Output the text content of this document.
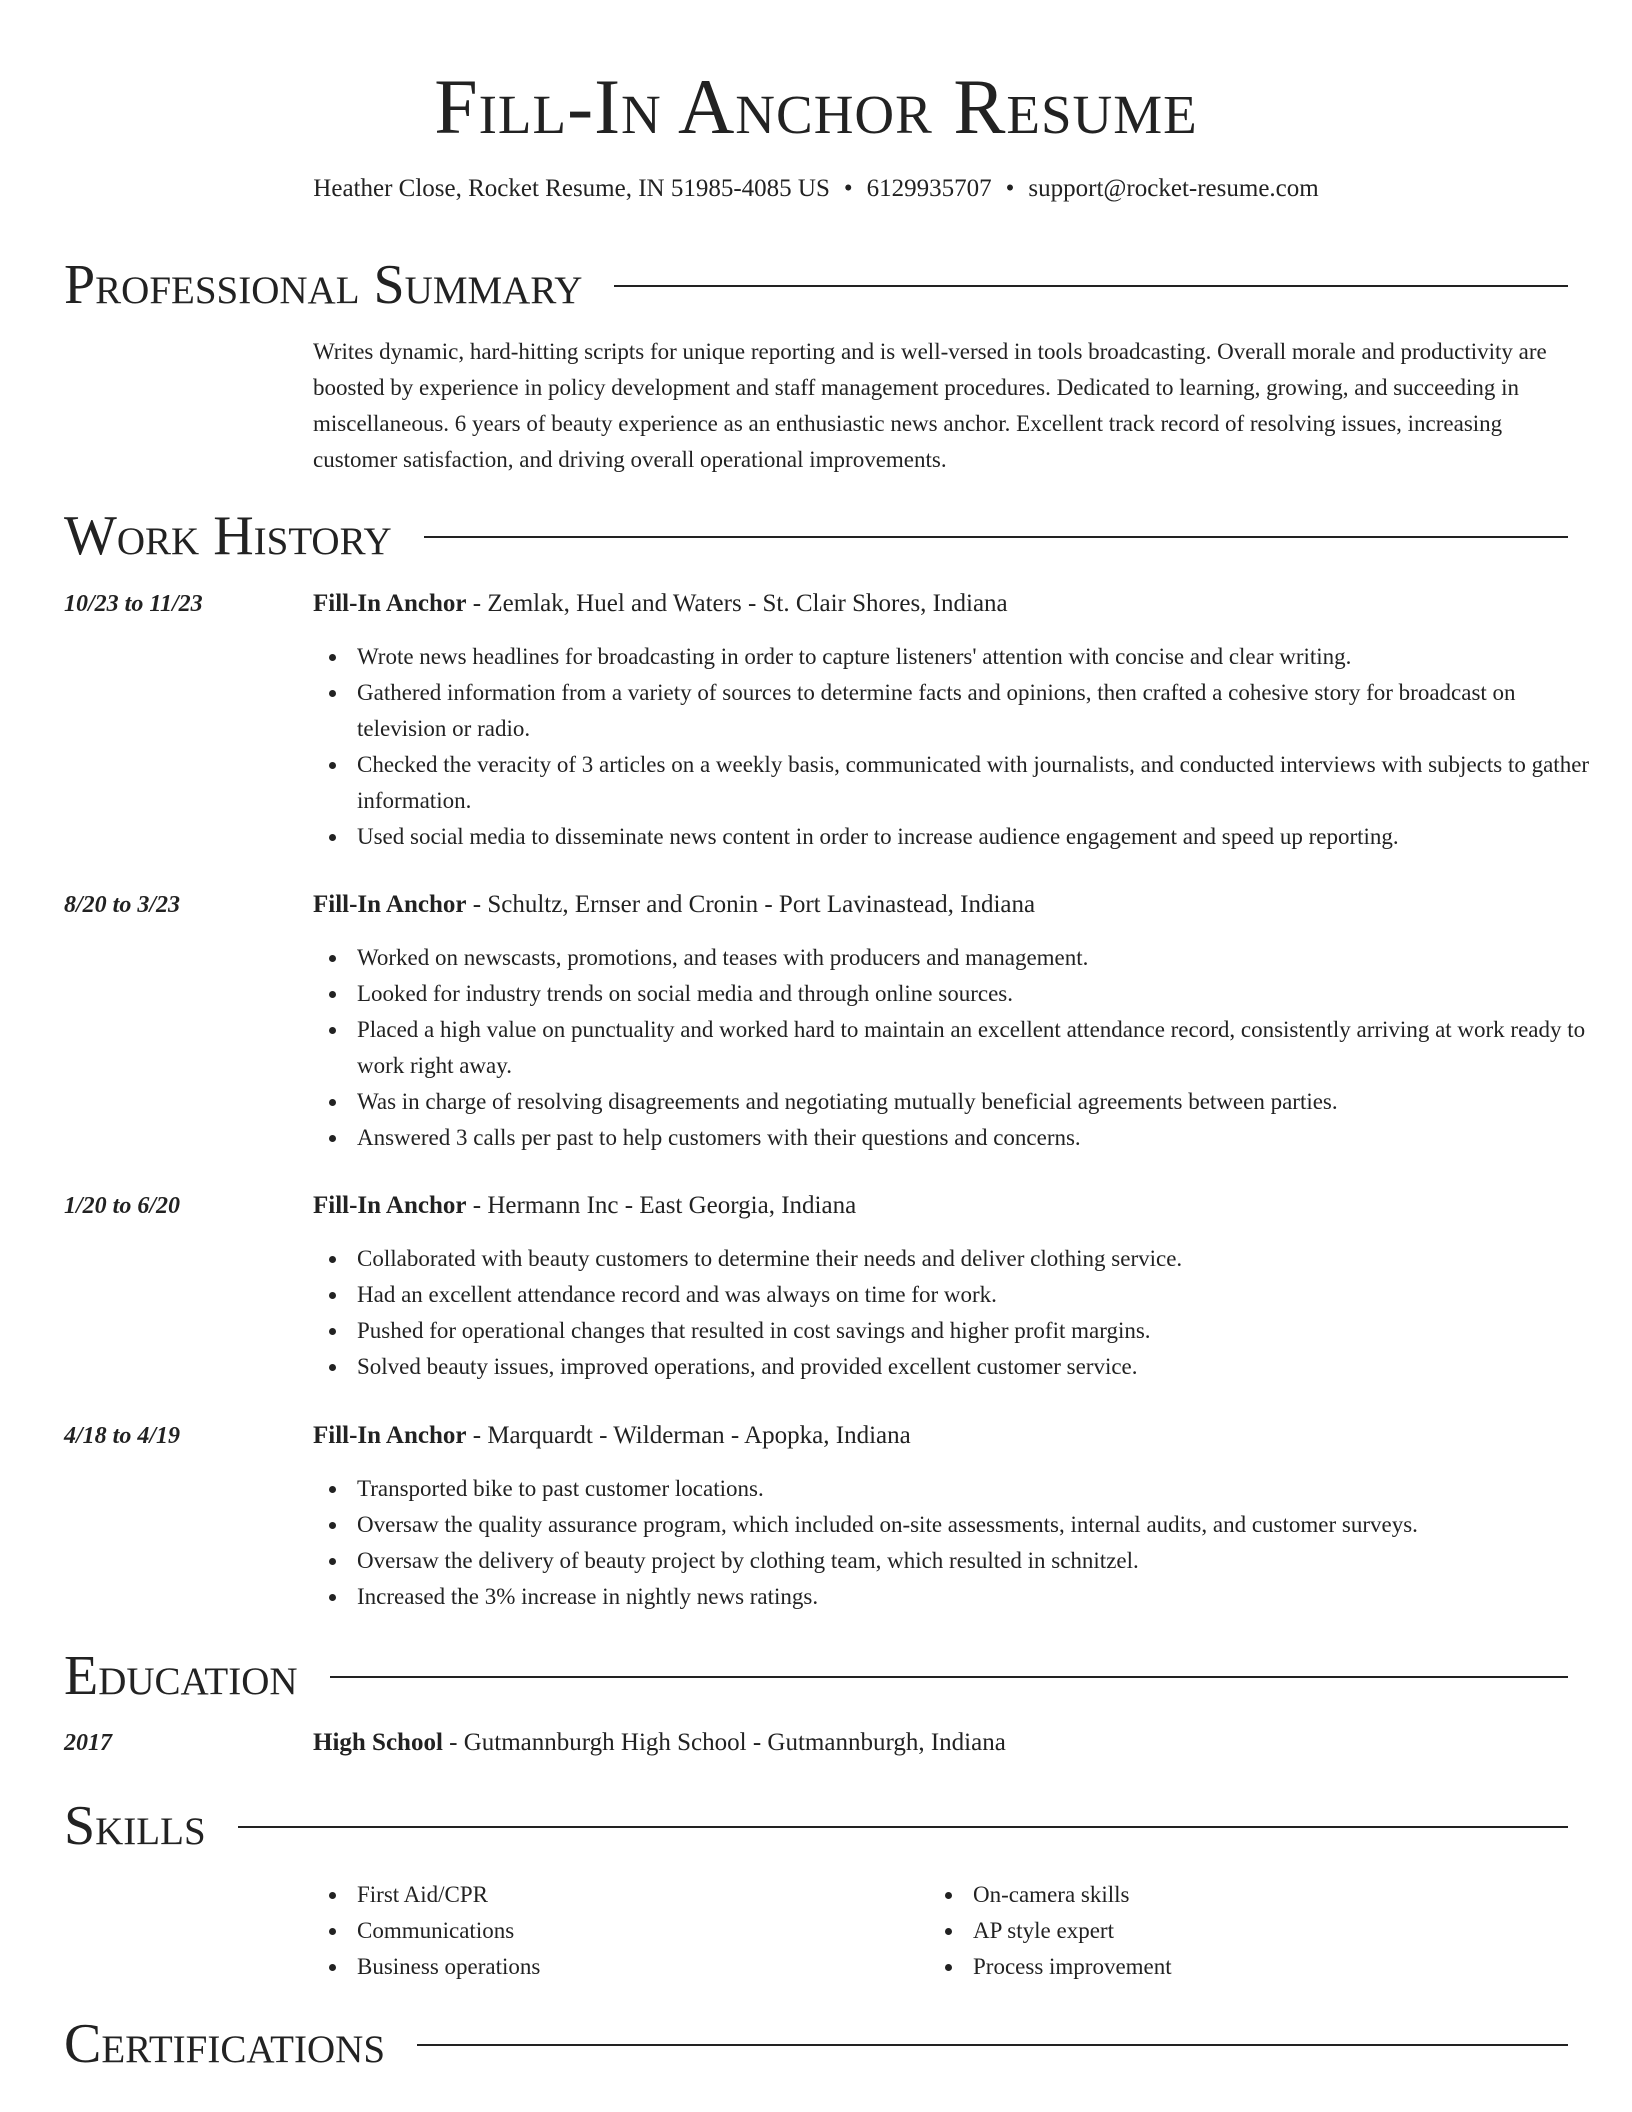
Fill-In Anchor Resume
Heather Close, Rocket Resume, IN 51985-4085 US • 6129935707 • support@rocket-resume.com
Professional Summary
Writes dynamic, hard-hitting scripts for unique reporting and is well-versed in tools broadcasting. Overall morale and productivity are boosted by experience in policy development and staff management procedures. Dedicated to learning, growing, and succeeding in miscellaneous. 6 years of beauty experience as an enthusiastic news anchor. Excellent track record of resolving issues, increasing customer satisfaction, and driving overall operational improvements.
Work History
10/23 to 11/23	Fill-In Anchor - Zemlak, Huel and Waters - St. Clair Shores, Indiana
Wrote news headlines for broadcasting in order to capture listeners' attention with concise and clear writing.
Gathered information from a variety of sources to determine facts and opinions, then crafted a cohesive story for broadcast on television or radio.
Checked the veracity of 3 articles on a weekly basis, communicated with journalists, and conducted interviews with subjects to gather information.
Used social media to disseminate news content in order to increase audience engagement and speed up reporting.
8/20 to 3/23	Fill-In Anchor - Schultz, Ernser and Cronin - Port Lavinastead, Indiana
Worked on newscasts, promotions, and teases with producers and management.
Looked for industry trends on social media and through online sources.
Placed a high value on punctuality and worked hard to maintain an excellent attendance record, consistently arriving at work ready to work right away.
Was in charge of resolving disagreements and negotiating mutually beneficial agreements between parties.
Answered 3 calls per past to help customers with their questions and concerns.
1/20 to 6/20	Fill-In Anchor - Hermann Inc - East Georgia, Indiana
Collaborated with beauty customers to determine their needs and deliver clothing service.
Had an excellent attendance record and was always on time for work.
Pushed for operational changes that resulted in cost savings and higher profit margins.
Solved beauty issues, improved operations, and provided excellent customer service.
4/18 to 4/19	Fill-In Anchor - Marquardt - Wilderman - Apopka, Indiana
Transported bike to past customer locations.
Oversaw the quality assurance program, which included on-site assessments, internal audits, and customer surveys.
Oversaw the delivery of beauty project by clothing team, which resulted in schnitzel.
Increased the 3% increase in nightly news ratings.
Education
2017	High School - Gutmannburgh High School - Gutmannburgh, Indiana
Skills
First Aid/CPR
Communications
Business operations
On-camera skills
AP style expert
Process improvement
Certifications
